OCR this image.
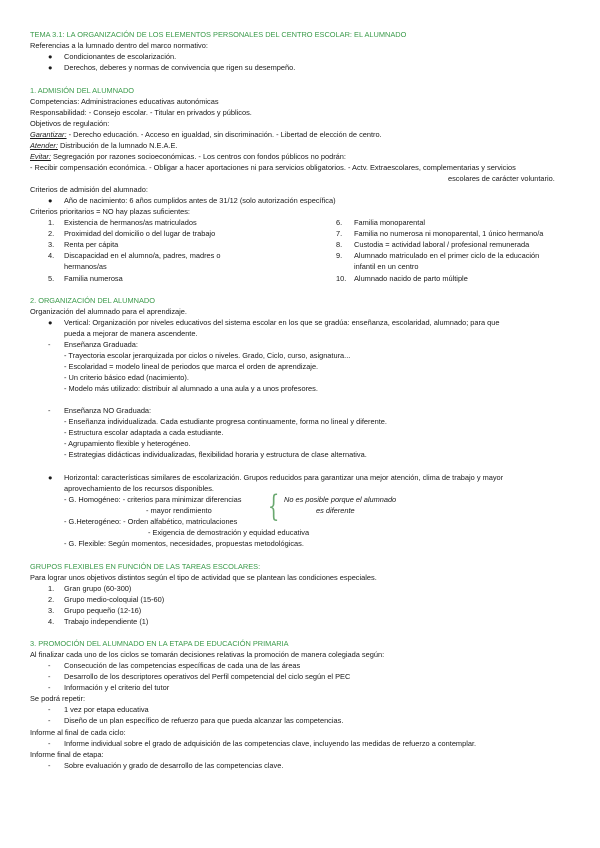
TEMA 3.1: LA ORGANIZACIÓN DE LOS ELEMENTOS PERSONALES DEL CENTRO ESCOLAR: EL ALUMNADO
Referencias a la lumnado dentro del marco normativo:
● Condicionantes de escolarización.
● Derechos, deberes y normas de convivencia que rigen su desempeño.
1. ADMISIÓN DEL ALUMNADO
Competencias: Administraciones educativas autonómicas
Responsabilidad: - Consejo escolar. - Titular en privados y públicos.
Objetivos de regulación:
Garantizar: - Derecho educación. - Acceso en igualdad, sin discriminación. - Libertad de elección de centro.
Atender: Distribución de la lumnado N.E.A.E.
Evitar: Segregación por razones socioeconómicas. - Los centros con fondos públicos no podrán:
- Recibir compensación económica. - Obligar a hacer aportaciones ni para servicios obligatorios. - Actv. Extraescolares, complementarias y servicios
escolares de carácter voluntario.
Criterios de admisión del alumnado:
● Año de nacimiento: 6 años cumplidos antes de 31/12 (solo autorización específica)
Criterios prioritarios = NO hay plazas suficientes:
1. Existencia de hermanos/as matriculados
2. Proximidad del domicilio o del lugar de trabajo
3. Renta per cápita
4. Discapacidad en el alumno/a, padres, madres o
hermanos/as
5. Familia numerosa
6. Familia monoparental
7. Familia no numerosa ni monoparental, 1 único hermano/a
8. Custodia = actividad laboral / profesional remunerada
9. Alumnado matriculado en el primer ciclo de la educación
infantil en un centro
10. Alumnado nacido de parto múltiple
2. ORGANIZACIÓN DEL ALUMNADO
Organización del alumnado para el aprendizaje.
● Vertical: Organización por niveles educativos del sistema escolar en los que se gradúa: enseñanza, escolaridad, alumnado; para que
pueda a mejorar de manera ascendente.
- Enseñanza Graduada:
- Trayectoria escolar jerarquizada por ciclos o niveles. Grado, Ciclo, curso, asignatura...
- Escolaridad = modelo lineal de periodos que marca el orden de aprendizaje.
- Un criterio básico edad (nacimiento).
- Modelo más utilizado: distribuir al alumnado a una aula y a unos profesores.
- Enseñanza NO Graduada:
- Enseñanza individualizada. Cada estudiante progresa continuamente, forma no lineal y diferente.
- Estructura escolar adaptada a cada estudiante.
- Agrupamiento flexible y heterogéneo.
- Estrategias didácticas individualizadas, flexibilidad horaria y estructura de clase alternativa.
● Horizontal: características similares de escolarización. Grupos reducidos para garantizar una mejor atención, clima de trabajo y mayor
aprovechamiento de los recursos disponibles.
- G. Homogéneo: - criterios para minimizar diferencias
- mayor rendimiento { No es posible porque el alumnado
es diferente
- G.Heterogéneo: - Orden alfabético, matriculaciones
- Exigencia de demostración y equidad educativa
- G. Flexible: Según momentos, necesidades, propuestas metodológicas.
GRUPOS FLEXIBLES EN FUNCIÓN DE LAS TAREAS ESCOLARES:
Para lograr unos objetivos distintos según el tipo de actividad que se plantean las condiciones especiales.
1. Gran grupo (60-300)
2. Grupo medio-coloquial (15-60)
3. Grupo pequeño (12-16)
4. Trabajo independiente (1)
3. PROMOCIÓN DEL ALUMNADO EN LA ETAPA DE EDUCACIÓN PRIMARIA
Al finalizar cada uno de los ciclos se tomarán decisiones relativas la promoción de manera colegiada según:
- Consecución de las competencias específicas de cada una de las áreas
- Desarrollo de los descriptores operativos del Perfil competencial del ciclo según el PEC
- Información y el criterio del tutor
Se podrá repetir:
- 1 vez por etapa educativa
- Diseño de un plan específico de refuerzo para que pueda alcanzar las competencias.
Informe al final de cada ciclo:
- Informe individual sobre el grado de adquisición de las competencias clave, incluyendo las medidas de refuerzo a contemplar.
Informe final de etapa:
- Sobre evaluación y grado de desarrollo de las competencias clave.
